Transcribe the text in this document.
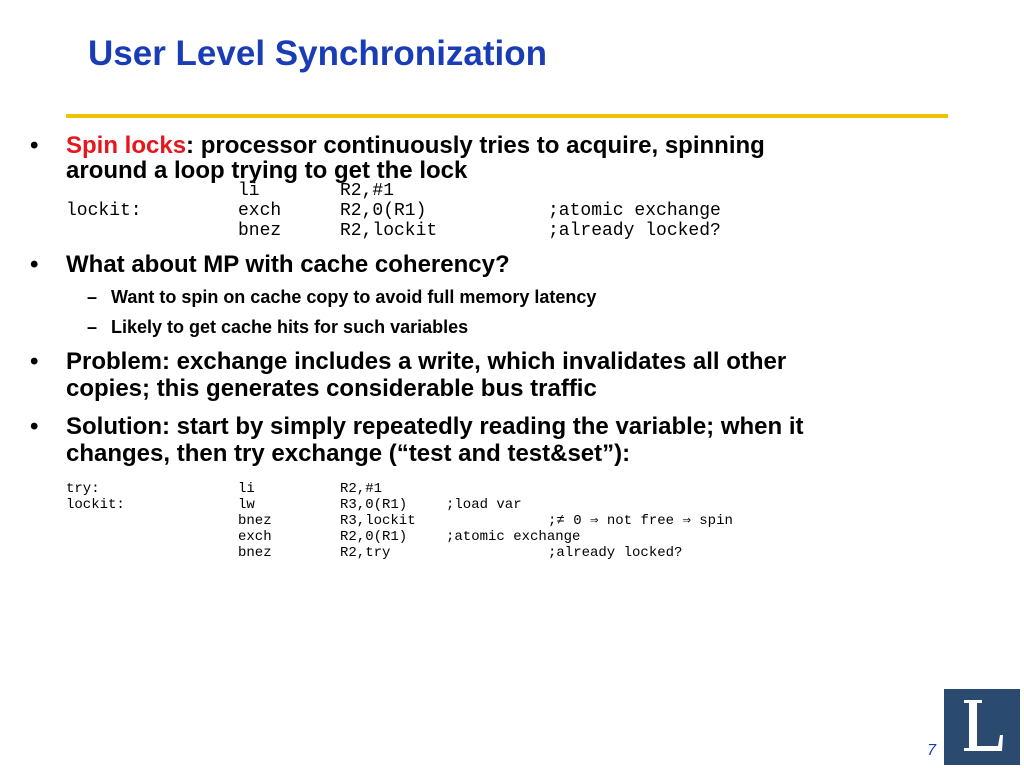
User Level Synchronization
• Spin locks: processor continuously tries to acquire, spinning
around a loop trying to get the lock
li	R2,#1
lockit:	exch	R2,0(R1)	;atomic exchange
bnez	R2,lockit	;already locked?
• What about MP with cache coherency?
– Want to spin on cache copy to avoid full memory latency
– Likely to get cache hits for such variables
• Problem: exchange includes a write, which invalidates all other
copies; this generates considerable bus traffic
• Solution: start by simply repeatedly reading the variable; when it
changes, then try exchange (“test and test&set”):
try:	li	R2,#1
lockit:	lw	R3,0(R1)	;load var
bnez	R3,lockit	;≠ 0 ⇒ not free ⇒ spin
exch	R2,0(R1)	;atomic exchange
bnez	R2,try	;already locked?
7
